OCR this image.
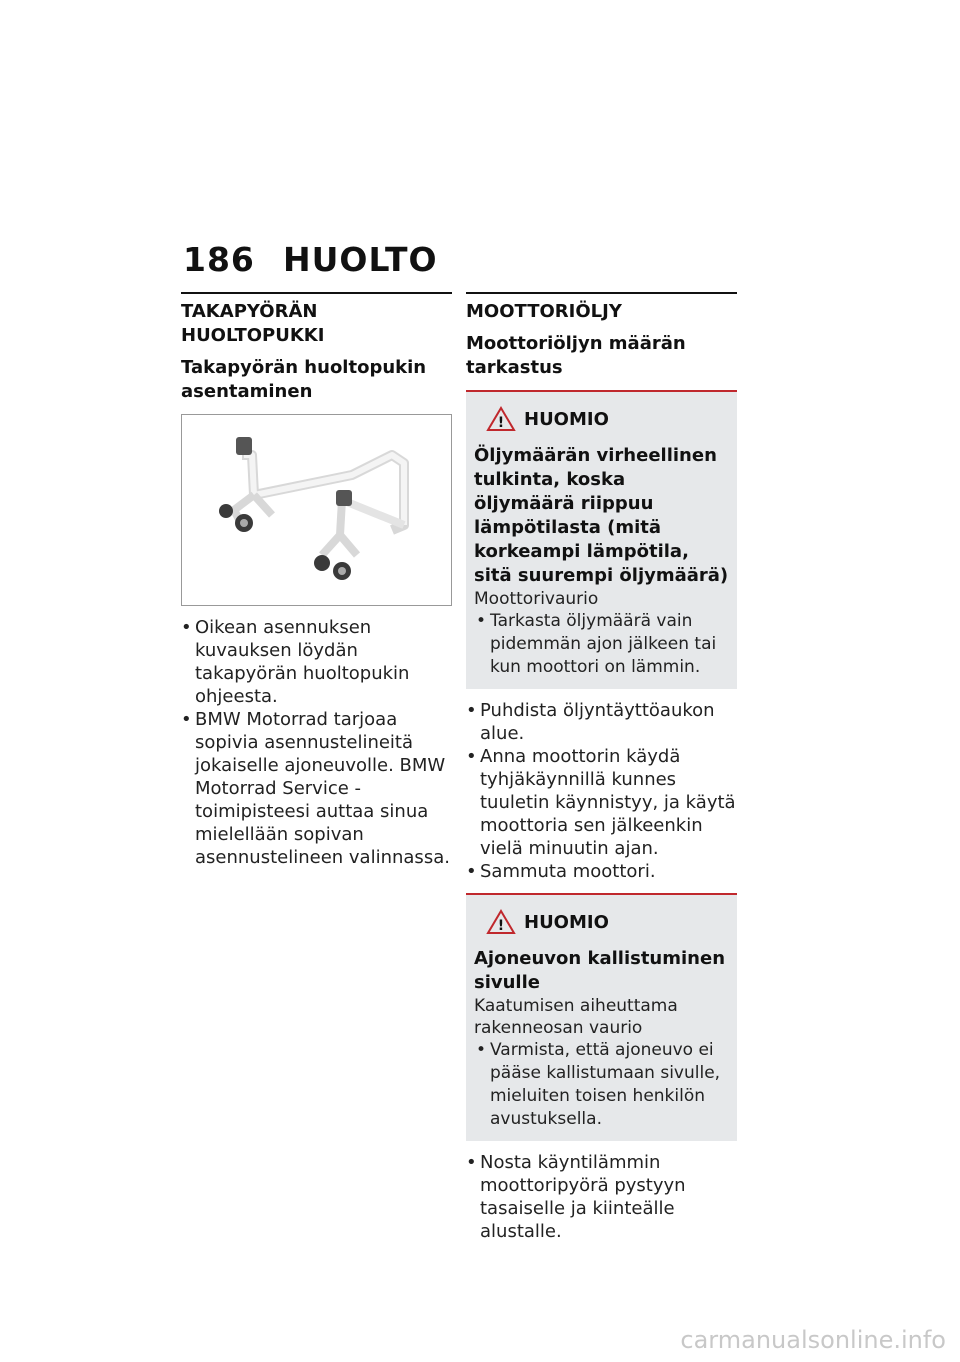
186 HUOLTO
TAKAPYÖRÄN HUOLTOPUKKI
Takapyörän huoltopukin asentaminen
• Oikean asennuksen kuvauksen löydän takapyörän huoltopukin ohjeesta.
• BMW Motorrad tarjoaa sopivia asennustelineitä jokaiselle ajoneuvolle. BMW Motorrad Service -toimipisteesi auttaa sinua mielellään sopivan asennustelineen valinnassa.
MOOTTORIÖLJY
Moottoriöljyn määrän tarkastus
! HUOMIO
Öljymäärän virheellinen tulkinta, koska öljymäärä riippuu lämpötilasta (mitä korkeampi lämpötila, sitä suurempi öljymäärä)
Moottorivaurio
• Tarkasta öljymäärä vain pidemmän ajon jälkeen tai kun moottori on lämmin.
• Puhdista öljyntäyttöaukon alue.
• Anna moottorin käydä tyhjäkäynnillä kunnes tuuletin käynnistyy, ja käytä moottoria sen jälkeenkin vielä minuutin ajan.
• Sammuta moottori.
! HUOMIO
Ajoneuvon kallistuminen sivulle
Kaatumisen aiheuttama rakenneosan vaurio
• Varmista, että ajoneuvo ei pääse kallistumaan sivulle, mieluiten toisen henkilön avustuksella.
• Nosta käyntilämmin moottoripyörä pystyyn tasaiselle ja kiinteälle alustalle.
carmanualsonline.info
